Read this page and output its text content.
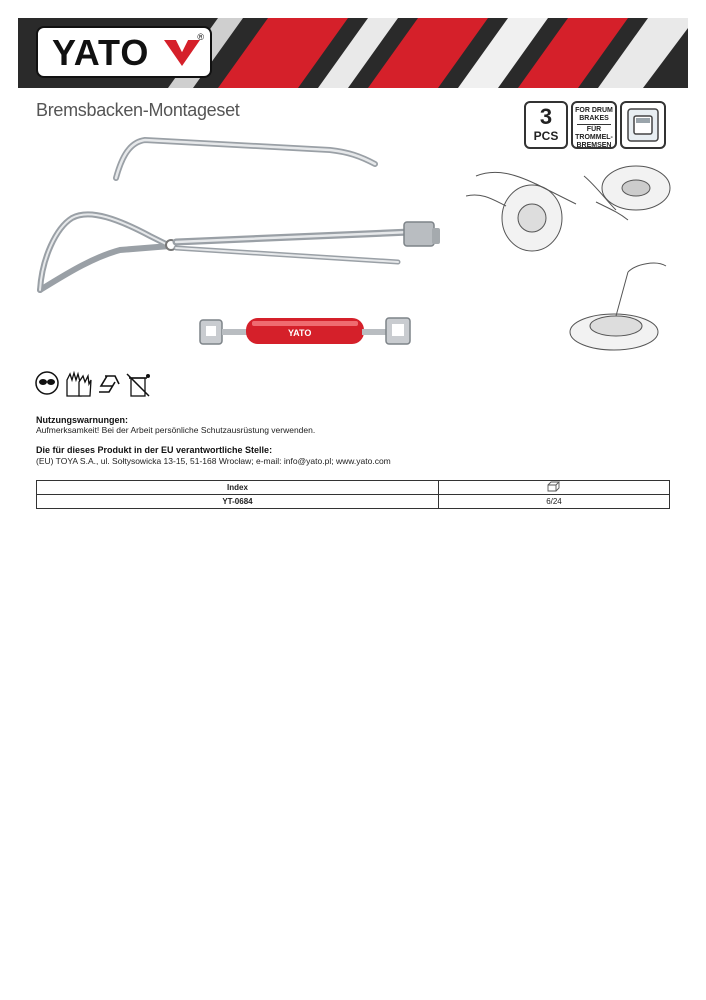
YATO	®
Bremsbacken-Montageset	3
PCS
FOR DRUM
BRAKES
FÜR TROMMEL-
BREMSEN
YATO
Nutzungswarnungen:
Aufmerksamkeit! Bei der Arbeit persönliche Schutzausrüstung verwenden.
Die für dieses Produkt in der EU verantwortliche Stelle:
(EU) TOYA S.A., ul. Sołtysowicka 13-15, 51-168 Wrocław; e-mail: info@yato.pl; www.yato.com
Index	
YT-0684	6/24
